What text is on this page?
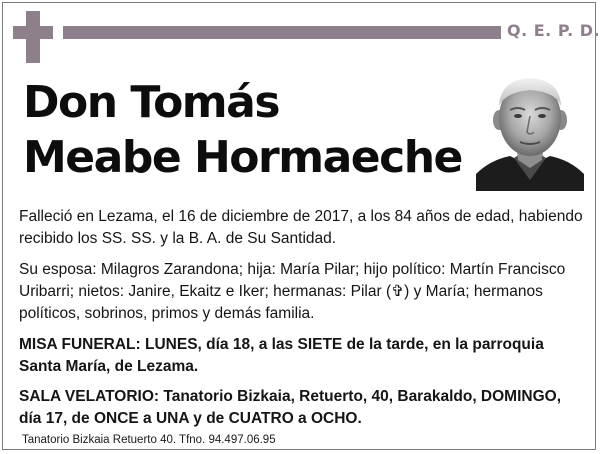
Q. E. P. D.
Don Tomás
Meabe Hormaeche

Falleció en Lezama, el 16 de diciembre de 2017, a los 84 años de edad, habiendo recibido los SS. SS. y la B. A. de Su Santidad.

Su esposa: Milagros Zarandona; hija: María Pilar; hijo político: Martín Francisco Uribarri; nietos: Janire, Ekaitz e Iker; hermanas: Pilar (✞) y María; hermanos políticos, sobrinos, primos y demás familia.

MISA FUNERAL: LUNES, día 18, a las SIETE de la tarde, en la parroquia Santa María, de Lezama.

SALA VELATORIO: Tanatorio Bizkaia, Retuerto, 40, Barakaldo, DOMINGO, día 17, de ONCE a UNA y de CUATRO a OCHO.

Tanatorio Bizkaia Retuerto 40. Tfno. 94.497.06.95
